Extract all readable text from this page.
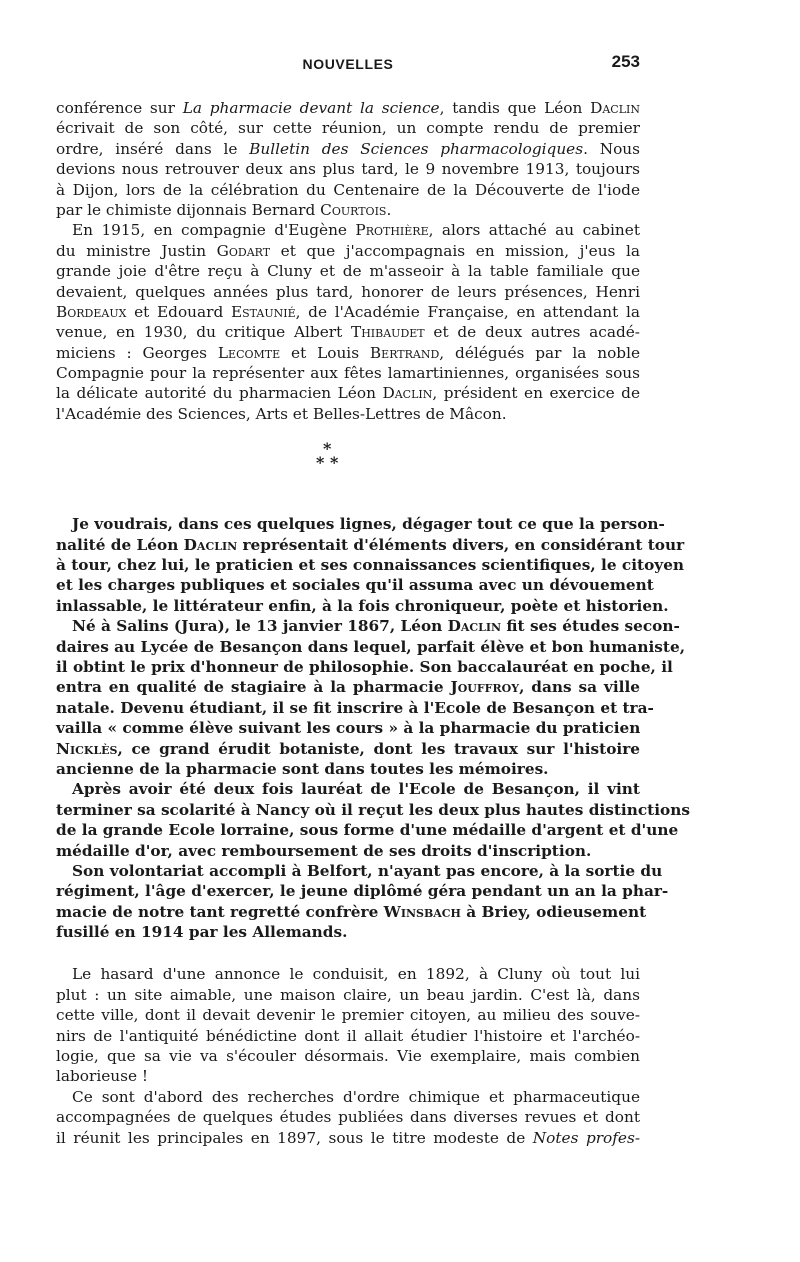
NOUVELLES	253
conférence sur La pharmacie devant la science, tandis que Léon Daclin
écrivait de son côté, sur cette réunion, un compte rendu de premier
ordre, inséré dans le Bulletin des Sciences pharmacologiques. Nous
devions nous retrouver deux ans plus tard, le 9 novembre 1913, toujours
à Dijon, lors de la célébration du Centenaire de la Découverte de l'iode
par le chimiste dijonnais Bernard Courtois.
En 1915, en compagnie d'Eugène Prothière, alors attaché au cabinet
du ministre Justin Godart et que j'accompagnais en mission, j'eus la
grande joie d'être reçu à Cluny et de m'asseoir à la table familiale que
devaient, quelques années plus tard, honorer de leurs présences, Henri
Bordeaux et Edouard Estaunié, de l'Académie Française, en attendant la
venue, en 1930, du critique Albert Thibaudet et de deux autres acadé-
miciens : Georges Lecomte et Louis Bertrand, délégués par la noble
Compagnie pour la représenter aux fêtes lamartiniennes, organisées sous
la délicate autorité du pharmacien Léon Daclin, président en exercice de
l'Académie des Sciences, Arts et Belles-Lettres de Mâcon.
*
* *
Je voudrais, dans ces quelques lignes, dégager tout ce que la person-
nalité de Léon Daclin représentait d'éléments divers, en considérant tour
à tour, chez lui, le praticien et ses connaissances scientifiques, le citoyen
et les charges publiques et sociales qu'il assuma avec un dévouement
inlassable, le littérateur enfin, à la fois chroniqueur, poète et historien.
Né à Salins (Jura), le 13 janvier 1867, Léon Daclin fit ses études secon-
daires au Lycée de Besançon dans lequel, parfait élève et bon humaniste,
il obtint le prix d'honneur de philosophie. Son baccalauréat en poche, il
entra en qualité de stagiaire à la pharmacie Jouffroy, dans sa ville
natale. Devenu étudiant, il se fit inscrire à l'Ecole de Besançon et tra-
vailla « comme élève suivant les cours » à la pharmacie du praticien
Nicklès, ce grand érudit botaniste, dont les travaux sur l'histoire
ancienne de la pharmacie sont dans toutes les mémoires.
Après avoir été deux fois lauréat de l'Ecole de Besançon, il vint
terminer sa scolarité à Nancy où il reçut les deux plus hautes distinctions
de la grande Ecole lorraine, sous forme d'une médaille d'argent et d'une
médaille d'or, avec remboursement de ses droits d'inscription.
Son volontariat accompli à Belfort, n'ayant pas encore, à la sortie du
régiment, l'âge d'exercer, le jeune diplômé géra pendant un an la phar-
macie de notre tant regretté confrère Winsbach à Briey, odieusement
fusillé en 1914 par les Allemands.
Le hasard d'une annonce le conduisit, en 1892, à Cluny où tout lui
plut : un site aimable, une maison claire, un beau jardin. C'est là, dans
cette ville, dont il devait devenir le premier citoyen, au milieu des souve-
nirs de l'antiquité bénédictine dont il allait étudier l'histoire et l'archéo-
logie, que sa vie va s'écouler désormais. Vie exemplaire, mais combien
laborieuse !
Ce sont d'abord des recherches d'ordre chimique et pharmaceutique
accompagnées de quelques études publiées dans diverses revues et dont
il réunit les principales en 1897, sous le titre modeste de Notes profes-
